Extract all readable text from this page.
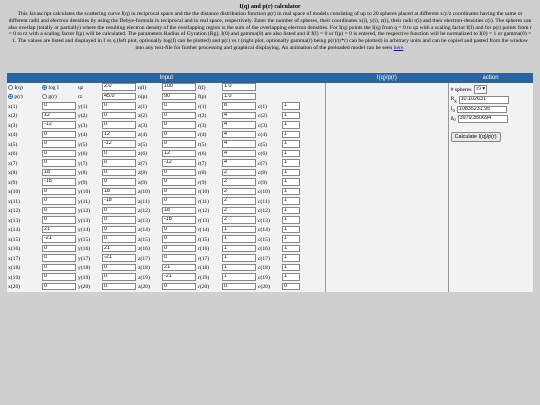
I(q) and p(r) calculator
This Javascript calculates the scattering curve I(q) in reciprocal space and the the distance distribution function p(r) in real space of models consisting of up to 20 spheres placed at different x/y/z coordinates having the same or different radii and electron densities by using the Debye-formula in reciprocal and in real space, respectively. Enter the number of spheres, their coordinates x(i), y(i), z(i), their radii r(i) and their electron-densities c(i). The spheres can also overlap (totally or partially) where the resulting electron density of the overlapping region is the sum of the overlapping electron densities. For I(q) points the I(q) from q = 0 to qz with a scaling factor f(I) and for p(r) points from r = 0 to rz with a scaling factor f(p) will be calculated. The parameters Radius of Gyration (Rg), I(0) and gamma(0) are also listed and if f(I) = 0 or f(p) = 0 is entered, the respective function will be normalized to I(0) = 1 or gamma(0) = 1. The values are listed and displayed in I vs q (left plot, optionally log(I) can be plotted) and p(r) vs r (right plot, optionally gamma(r) being p(r)/(r*r) can be plotted) in arbitrary units and can be copied and pasted from the window into any text-file for further processing and graphical displaying. An animation of the preloaded model can be seen here.
Input	I(q)/p(r)	action

I(q)	log I	qz	2.0	n(I)	100	f(I)	1.0		
p(r)	g(r)	rz	45.0	n(p)	90	f(p)	1.0		
x(1)	0	y(1)	0	z(1)	0	r(1)	8	c(1)	1
x(2)	12	y(2)	0	z(2)	0	r(2)	4	c(2)	1
x(3)	-12	y(3)	0	z(3)	0	r(3)	4	c(3)	1
x(4)	0	y(4)	12	z(4)	0	r(4)	4	c(4)	1
x(5)	0	y(5)	-12	z(5)	0	r(5)	4	c(5)	1
x(6)	0	y(6)	0	z(6)	12	r(6)	4	c(6)	1
x(7)	0	y(7)	0	z(7)	-12	r(7)	4	c(7)	1
x(8)	18	y(8)	0	z(8)	0	r(8)	2	c(8)	1
x(9)	-18	y(9)	0	z(9)	0	r(9)	2	c(9)	1
x(10)	0	y(10)	18	z(10)	0	r(10)	2	c(10)	1
x(11)	0	y(11)	-18	z(11)	0	r(11)	2	c(11)	1
x(12)	0	y(12)	0	z(12)	18	r(12)	2	c(12)	1
x(13)	0	y(13)	0	z(13)	-18	r(13)	2	c(13)	1
x(14)	21	y(14)	0	z(14)	0	r(14)	1	c(14)	1
x(15)	-21	y(15)	0	z(15)	0	r(15)	1	c(15)	1
x(16)	0	y(16)	21	z(16)	0	r(16)	1	c(16)	1
x(17)	0	y(17)	-21	z(17)	0	r(17)	1	c(17)	1
x(18)	0	y(18)	0	z(18)	21	r(18)	1	c(18)	1
x(19)	0	y(19)	0	z(19)	-21	r(19)	1	c(19)	1
x(20)	0	y(20)	0	z(20)	0	r(20)	0	c(20)	0

# spheres 19 ▾
$R_g$ 10.102631
$I_0$ 10835231.95
$g_0$ 3979.350694
Calculate I(q)/p(r)
